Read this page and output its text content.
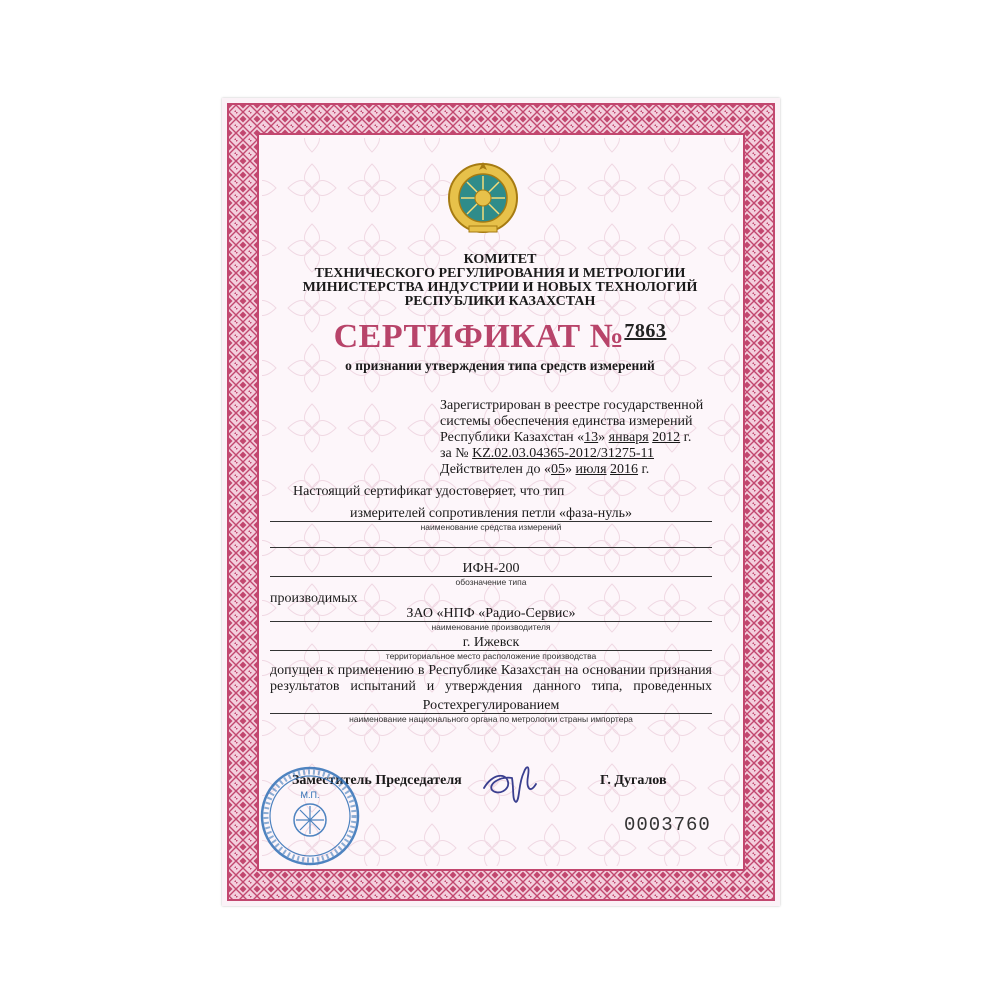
КОМИТЕТ
ТЕХНИЧЕСКОГО РЕГУЛИРОВАНИЯ И МЕТРОЛОГИИ
МИНИСТЕРСТВА ИНДУСТРИИ И НОВЫХ ТЕХНОЛОГИЙ
РЕСПУБЛИКИ КАЗАХСТАН
СЕРТИФИКАТ №$^{7863}$
о признании утверждения типа средств измерений
Зарегистрирован в реестре государственной
системы обеспечения единства измерений
Республики Казахстан «13» января 2012 г.
за № KZ.02.03.04365-2012/31275-11
Действителен до «05» июля 2016 г.
Настоящий сертификат удостоверяет, что тип
измерителей сопротивления петли «фаза-нуль»
наименование средства измерений
ИФН-200
обозначение типа
производимых
ЗАО «НПФ «Радио-Сервис»
наименование производителя
г. Ижевск
территориальное место расположение производства
допущен к применению в Республике Казахстан на основании признания
результатов испытаний и утверждения данного типа, проведенных
Ростехрегулированием
наименование национального органа по метрологии страны импортера
Заместитель Председателя	Г. Дугалов
М.П.
0003760
